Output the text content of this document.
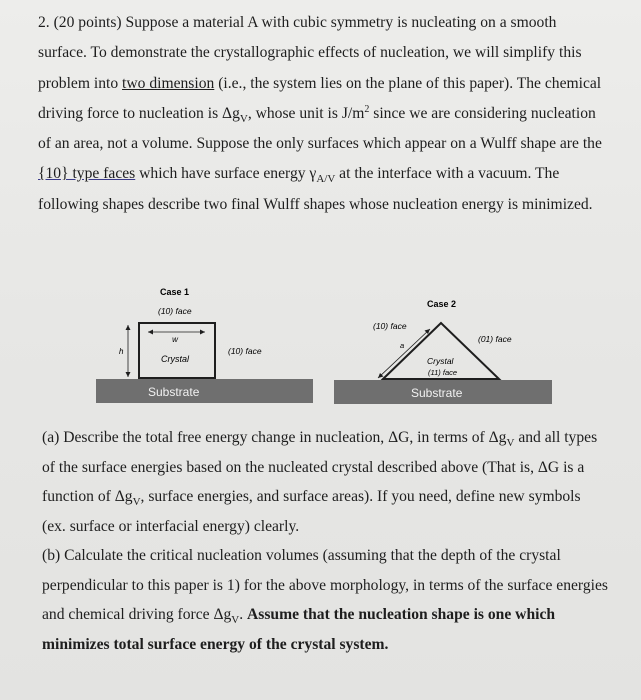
2. (20 points) Suppose a material A with cubic symmetry is nucleating on a smooth surface. To demonstrate the crystallographic effects of nucleation, we will simplify this problem into two dimension (i.e., the system lies on the plane of this paper). The chemical driving force to nucleation is $\Delta g_V$, whose unit is $J/m^2$ since we are considering nucleation of an area, not a volume. Suppose the only surfaces which appear on a Wulff shape are the {10} type faces which have surface energy $\gamma_{A/V}$ at the interface with a vacuum. The following shapes describe two final Wulff shapes whose nucleation energy is minimized.

Case 1
(10) face
w
h
Crystal
(10) face
Substrate
Case 2
(10) face
(01) face
a
Crystal
(11) face
Substrate
(a) Describe the total free energy change in nucleation, ΔG, in terms of $\Delta g_V$ and all types of the surface energies based on the nucleated crystal described above (That is, ΔG is a function of $\Delta g_V$, surface energies, and surface areas). If you need, define new symbols (ex. surface or interfacial energy) clearly.
(b) Calculate the critical nucleation volumes (assuming that the depth of the crystal perpendicular to this paper is 1) for the above morphology, in terms of the surface energies and chemical driving force $\Delta g_V$. Assume that the nucleation shape is one which minimizes total surface energy of the crystal system.
